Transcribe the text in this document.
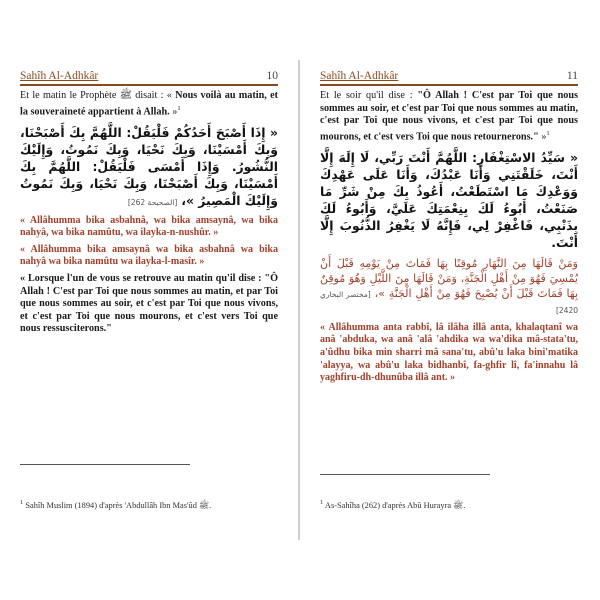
Sahîh Al-Adhkâr	10

Et le matin le Prophète ﷺ disait : « Nous voilà au matin, et la souveraineté appartient à Allah. »$^1$

« إِذَا أَصْبَحَ أَحَدُكُمْ فَلْيَقُلْ: اللَّهُمَّ بِكَ أَصْبَحْنَا، وَبِكَ أَمْسَيْنَا، وَبِكَ نَحْيَا، وَبِكَ نَمُوتُ، وَإِلَيْكَ النُّشُورُ. وَإِذَا أَمْسَى فَلْيَقُلْ: اللَّهُمَّ بِكَ أَمْسَيْنَا، وَبِكَ أَصْبَحْنَا، وَبِكَ نَحْيَا، وَبِكَ نَمُوتُ وَإِلَيْكَ الْمَصِيرُ »، [الصحيحة 262]

« Allâhumma bika asbahnâ, wa bika amsaynâ, wa bika nahyâ, wa bika namûtu, wa ilayka-n-nushûr. »

« Allâhumma bika amsaynâ wa bika asbahnâ wa bika nahyâ wa bika namûtu wa ilayka-l-masîr. »

« Lorsque l'un de vous se retrouve au matin qu'il dise : "Ô Allah ! C'est par Toi que nous sommes au matin, et par Toi que nous sommes au soir, et c'est par Toi que nous vivons, et c'est par Toi que nous mourons, et c'est vers Toi que nous ressusciterons."

$^1$ Sahîh Muslim (1894) d'après 'Abdullâh Ibn Mas'ûd ﷺ.
Sahîh Al-Adhkâr	11

Et le soir qu'il dise : "Ô Allah ! C'est par Toi que nous sommes au soir, et c'est par Toi que nous sommes au matin, c'est par Toi que nous vivons, et c'est par Toi que nous mourons, et c'est vers Toi que nous retournerons." »$^1$

« سَيِّدُ الاسْتِغْفَارِ: اللَّهُمَّ أَنْتَ رَبِّي، لَا إِلَهَ إِلَّا أَنْتَ، خَلَقْتَنِي وَأَنَا عَبْدُكَ، وَأَنَا عَلَى عَهْدِكَ وَوَعْدِكَ مَا اسْتَطَعْتُ، أَعُوذُ بِكَ مِنْ شَرِّ مَا صَنَعْتُ، أَبُوءُ لَكَ بِنِعْمَتِكَ عَلَيَّ، وَأَبُوءُ لَكَ بِذَنْبِي، فَاغْفِرْ لِي، فَإِنَّهُ لَا يَغْفِرُ الذُّنُوبَ إِلَّا أَنْتَ.

وَمَنْ قَالَهَا مِنَ النَّهَارِ مُوقِنًا بِهَا فَمَاتَ مِنْ يَوْمِهِ قَبْلَ أَنْ يُمْسِيَ فَهُوَ مِنْ أَهْلِ الْجَنَّةِ، وَمَنْ قَالَهَا مِنَ اللَّيْلِ وَهُوَ مُوقِنٌ بِهَا فَمَاتَ قَبْلَ أَنْ يُصْبِحَ فَهُوَ مِنْ أَهْلِ الْجَنَّةِ »، [مختصر البخاري 2420]

« Allâhumma anta rabbî, lâ ilâha illâ anta, khalaqtanî wa anâ 'abduka, wa anâ 'alâ 'ahdika wa wa'dika mâ-stata'tu, a'ûdhu bika min sharri mâ sana'tu, abû'u laka bini'matika 'alayya, wa abû'u laka bidhanbî, fa-ghfir lî, fa'innahu lâ yaghfiru-dh-dhunûba illâ ant. »

$^1$ As-Sahîha (262) d'après Abû Hurayra ﷺ.
